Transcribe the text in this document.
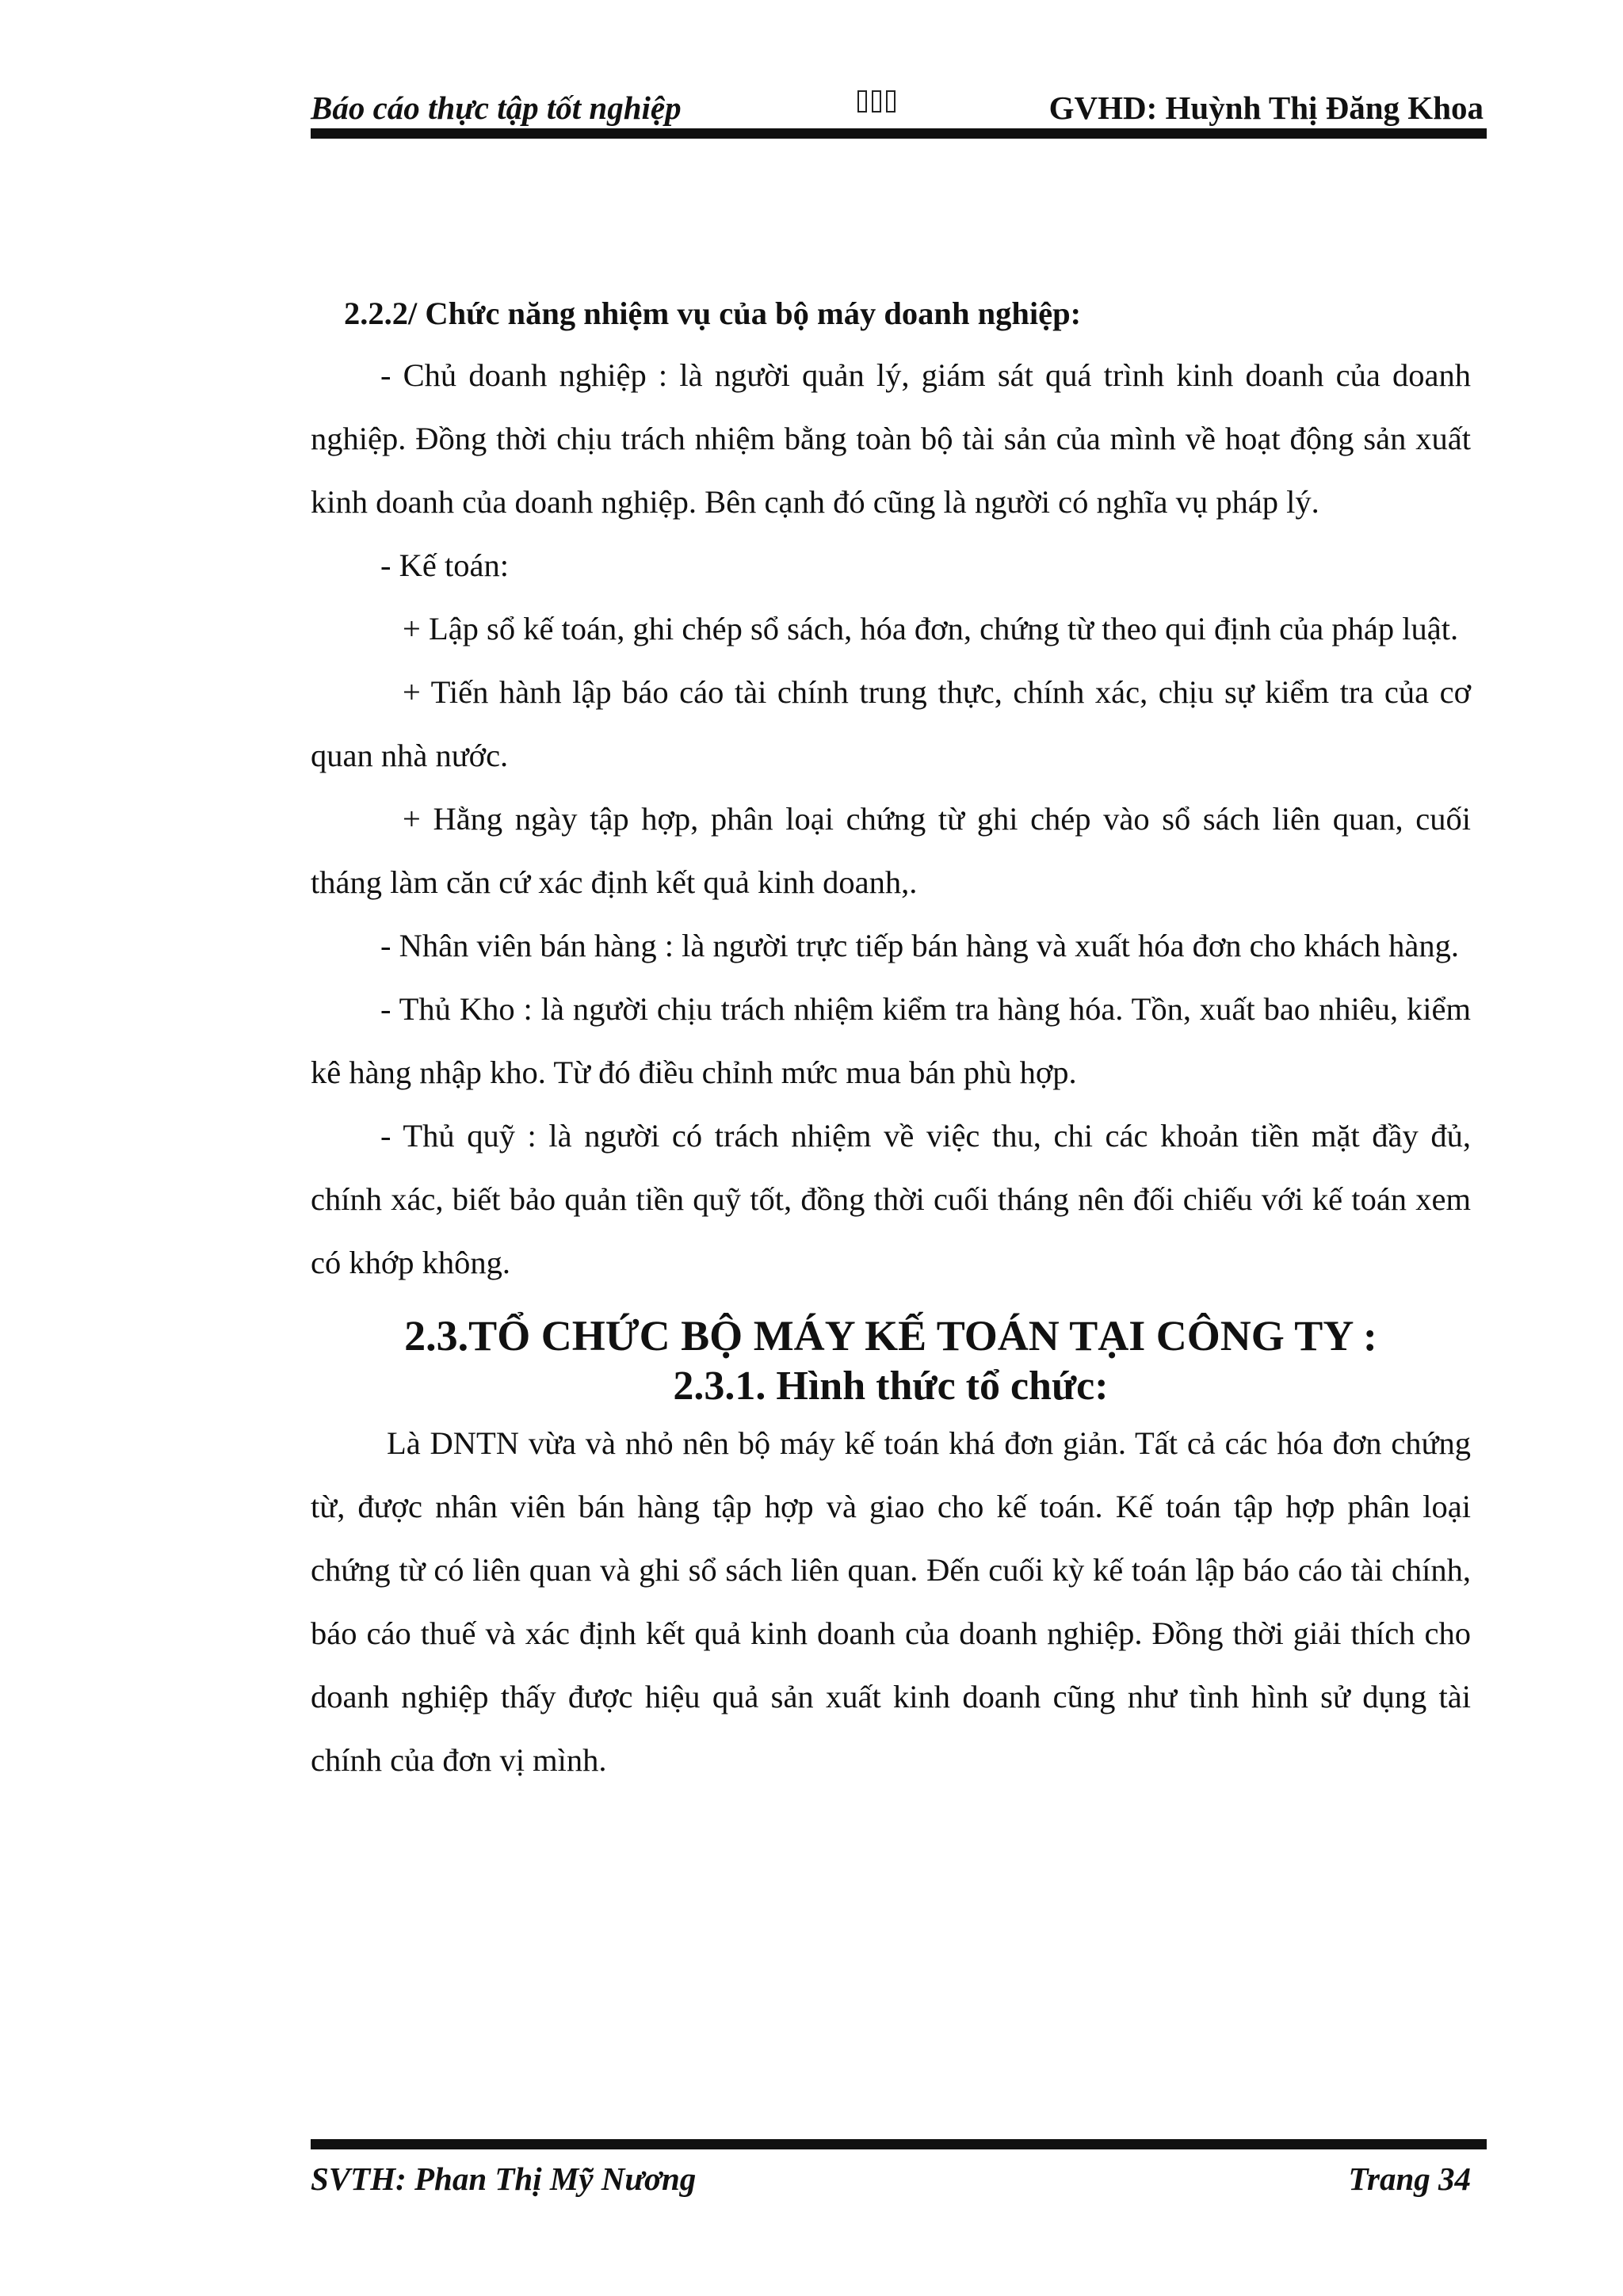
Báo cáo thực tập tốt nghiệp	GVHD: Huỳnh Thị Đăng Khoa

2.2.2/ Chức năng nhiệm vụ của bộ máy doanh nghiệp:

- Chủ doanh nghiệp : là người quản lý, giám sát quá trình kinh doanh của doanh nghiệp. Đồng thời chịu trách nhiệm bằng toàn bộ tài sản của mình về hoạt động sản xuất kinh doanh của doanh nghiệp. Bên cạnh đó cũng là người có nghĩa vụ pháp lý.

- Kế toán:

+ Lập sổ kế toán, ghi chép sổ sách, hóa đơn, chứng từ theo qui định của pháp luật.

+ Tiến hành lập báo cáo tài chính trung thực, chính xác, chịu sự kiểm tra của cơ quan nhà nước.

+ Hằng ngày tập hợp, phân loại chứng từ ghi chép vào sổ sách liên quan, cuối tháng làm căn cứ xác định kết quả kinh doanh,.

- Nhân viên bán hàng : là người trực tiếp bán hàng và xuất hóa đơn cho khách hàng.

- Thủ Kho : là người chịu trách nhiệm kiểm tra hàng hóa. Tồn, xuất bao nhiêu, kiểm kê hàng nhập kho. Từ đó điều chỉnh mức mua bán phù hợp.

- Thủ quỹ : là người có trách nhiệm về việc thu, chi các khoản tiền mặt đầy đủ, chính xác, biết bảo quản tiền quỹ tốt, đồng thời cuối tháng nên đối chiếu với kế toán xem có khớp không.

2.3.TỔ CHỨC BỘ MÁY KẾ TOÁN TẠI CÔNG TY :

2.3.1. Hình thức tổ chức:

Là DNTN vừa và nhỏ nên bộ máy kế toán khá đơn giản. Tất cả các hóa đơn chứng từ, được nhân viên bán hàng tập hợp và giao cho kế toán. Kế toán tập hợp phân loại chứng từ có liên quan và ghi sổ sách liên quan. Đến cuối kỳ kế toán lập báo cáo tài chính, báo cáo thuế và xác định kết quả kinh doanh của doanh nghiệp. Đồng thời giải thích cho doanh nghiệp thấy được hiệu quả sản xuất kinh doanh cũng như tình hình sử dụng tài chính của đơn vị mình.

SVTH: Phan Thị Mỹ Nương	Trang 34
